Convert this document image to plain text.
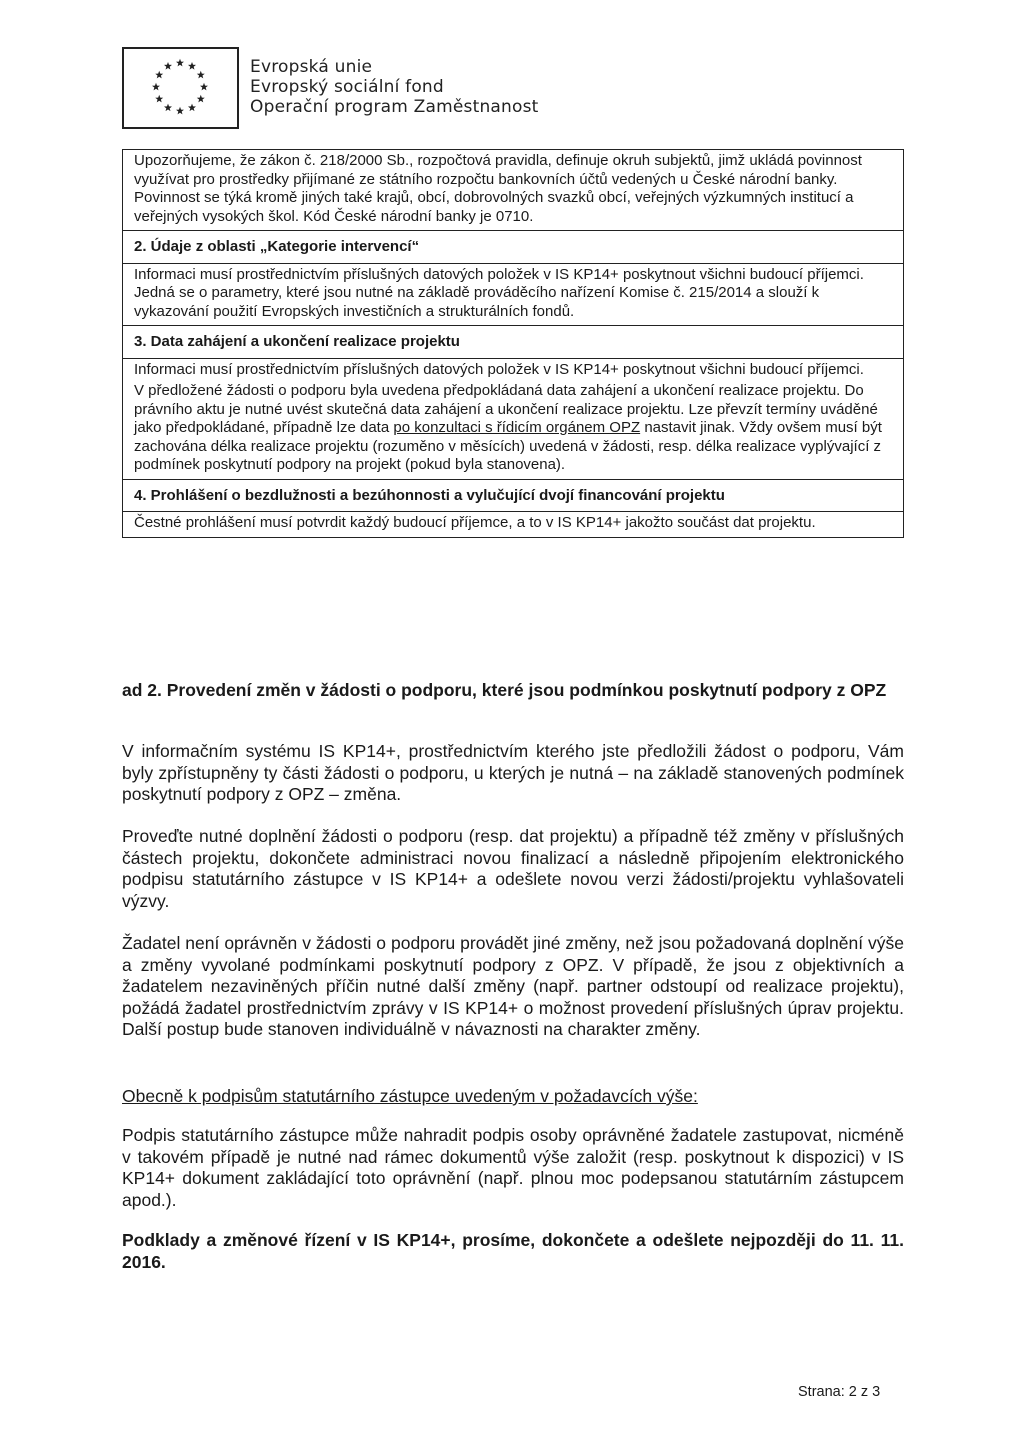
Evropská unie
Evropský sociální fond
Operační program Zaměstnanost

Upozorňujeme, že zákon č. 218/2000 Sb., rozpočtová pravidla, definuje okruh subjektů, jimž ukládá povinnost využívat pro prostředky přijímané ze státního rozpočtu bankovních účtů vedených u České národní banky. Povinnost se týká kromě jiných také krajů, obcí, dobrovolných svazků obcí, veřejných výzkumných institucí a veřejných vysokých škol. Kód České národní banky je 0710.

2. Údaje z oblasti „Kategorie intervencí“

Informaci musí prostřednictvím příslušných datových položek v IS KP14+ poskytnout všichni budoucí příjemci. Jedná se o parametry, které jsou nutné na základě prováděcího nařízení Komise č. 215/2014 a slouží k vykazování použití Evropských investičních a strukturálních fondů.

3. Data zahájení a ukončení realizace projektu

Informaci musí prostřednictvím příslušných datových položek v IS KP14+ poskytnout všichni budoucí příjemci.

V předložené žádosti o podporu byla uvedena předpokládaná data zahájení a ukončení realizace projektu. Do právního aktu je nutné uvést skutečná data zahájení a ukončení realizace projektu. Lze převzít termíny uváděné jako předpokládané, případně lze data po konzultaci s řídicím orgánem OPZ nastavit jinak. Vždy ovšem musí být zachována délka realizace projektu (rozuměno v měsících) uvedená v žádosti, resp. délka realizace vyplývající z podmínek poskytnutí podpory na projekt (pokud byla stanovena).

4. Prohlášení o bezdlužnosti a bezúhonnosti a vylučující dvojí financování projektu

Čestné prohlášení musí potvrdit každý budoucí příjemce, a to v IS KP14+ jakožto součást dat projektu.

ad 2. Provedení změn v žádosti o podporu, které jsou podmínkou poskytnutí podpory z OPZ

V informačním systému IS KP14+, prostřednictvím kterého jste předložili žádost o podporu, Vám byly zpřístupněny ty části žádosti o podporu, u kterých je nutná – na základě stanovených podmínek poskytnutí podpory z OPZ – změna.

Proveďte nutné doplnění žádosti o podporu (resp. dat projektu) a případně též změny v příslušných částech projektu, dokončete administraci novou finalizací a následně připojením elektronického podpisu statutárního zástupce v IS KP14+ a odešlete novou verzi žádosti/projektu vyhlašovateli výzvy.

Žadatel není oprávněn v žádosti o podporu provádět jiné změny, než jsou požadovaná doplnění výše a změny vyvolané podmínkami poskytnutí podpory z OPZ. V případě, že jsou z objektivních a žadatelem nezaviněných příčin nutné další změny (např. partner odstoupí od realizace projektu), požádá žadatel prostřednictvím zprávy v IS KP14+ o možnost provedení příslušných úprav projektu. Další postup bude stanoven individuálně v návaznosti na charakter změny.

Obecně k podpisům statutárního zástupce uvedeným v požadavcích výše:

Podpis statutárního zástupce může nahradit podpis osoby oprávněné žadatele zastupovat, nicméně v takovém případě je nutné nad rámec dokumentů výše založit (resp. poskytnout k dispozici) v IS KP14+ dokument zakládající toto oprávnění (např. plnou moc podepsanou statutárním zástupcem apod.).

Podklady a změnové řízení v IS KP14+, prosíme, dokončete a odešlete nejpozději do 11. 11. 2016.

Strana: 2 z 3
